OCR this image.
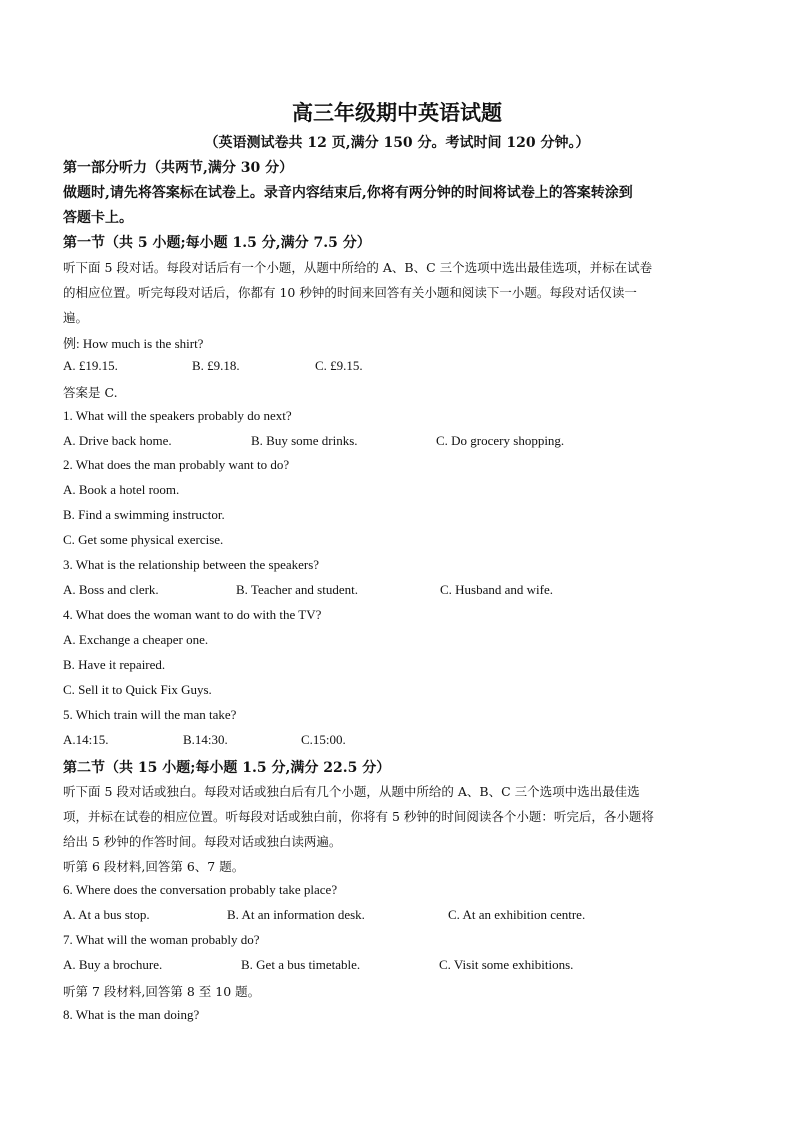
高三年级期中英语试题
（英语测试卷共 12 页,满分 150 分。考试时间 120 分钟。）
第一部分听力（共两节,满分 30 分）
做题时,请先将答案标在试卷上。录音内容结束后,你将有两分钟的时间将试卷上的答案转涂到
答题卡上。
第一节（共 5 小题;每小题 1.5 分,满分 7.5 分）
听下面 5 段对话。每段对话后有一个小题，从题中所给的 A、B、C 三个选项中选出最佳选项，并标在试卷
的相应位置。听完每段对话后，你都有 10 秒钟的时间来回答有关小题和阅读下一小题。每段对话仅读一
遍。
例: How much is the shirt?
A. £19.15.	B. £9.18.	C. £9.15.
答案是 C.
1. What will the speakers probably do next?
A. Drive back home.	B. Buy some drinks.	C. Do grocery shopping.
2. What does the man probably want to do?
A. Book a hotel room.
B. Find a swimming instructor.
C. Get some physical exercise.
3. What is the relationship between the speakers?
A. Boss and clerk.	B. Teacher and student.	C. Husband and wife.
4. What does the woman want to do with the TV?
A. Exchange a cheaper one.
B. Have it repaired.
C. Sell it to Quick Fix Guys.
5. Which train will the man take?
A.14:15.	B.14:30.	C.15:00.
第二节（共 15 小题;每小题 1.5 分,满分 22.5 分）
听下面 5 段对话或独白。每段对话或独白后有几个小题，从题中所给的 A、B、C 三个选项中选出最佳选
项，并标在试卷的相应位置。听每段对话或独白前，你将有 5 秒钟的时间阅读各个小题：听完后，各小题将
给出 5 秒钟的作答时间。每段对话或独白读两遍。
听第 6 段材料,回答第 6、7 题。
6. Where does the conversation probably take place?
A. At a bus stop.	B. At an information desk.	C. At an exhibition centre.
7. What will the woman probably do?
A. Buy a brochure.	B. Get a bus timetable.	C. Visit some exhibitions.
听第 7 段材料,回答第 8 至 10 题。
8. What is the man doing?
